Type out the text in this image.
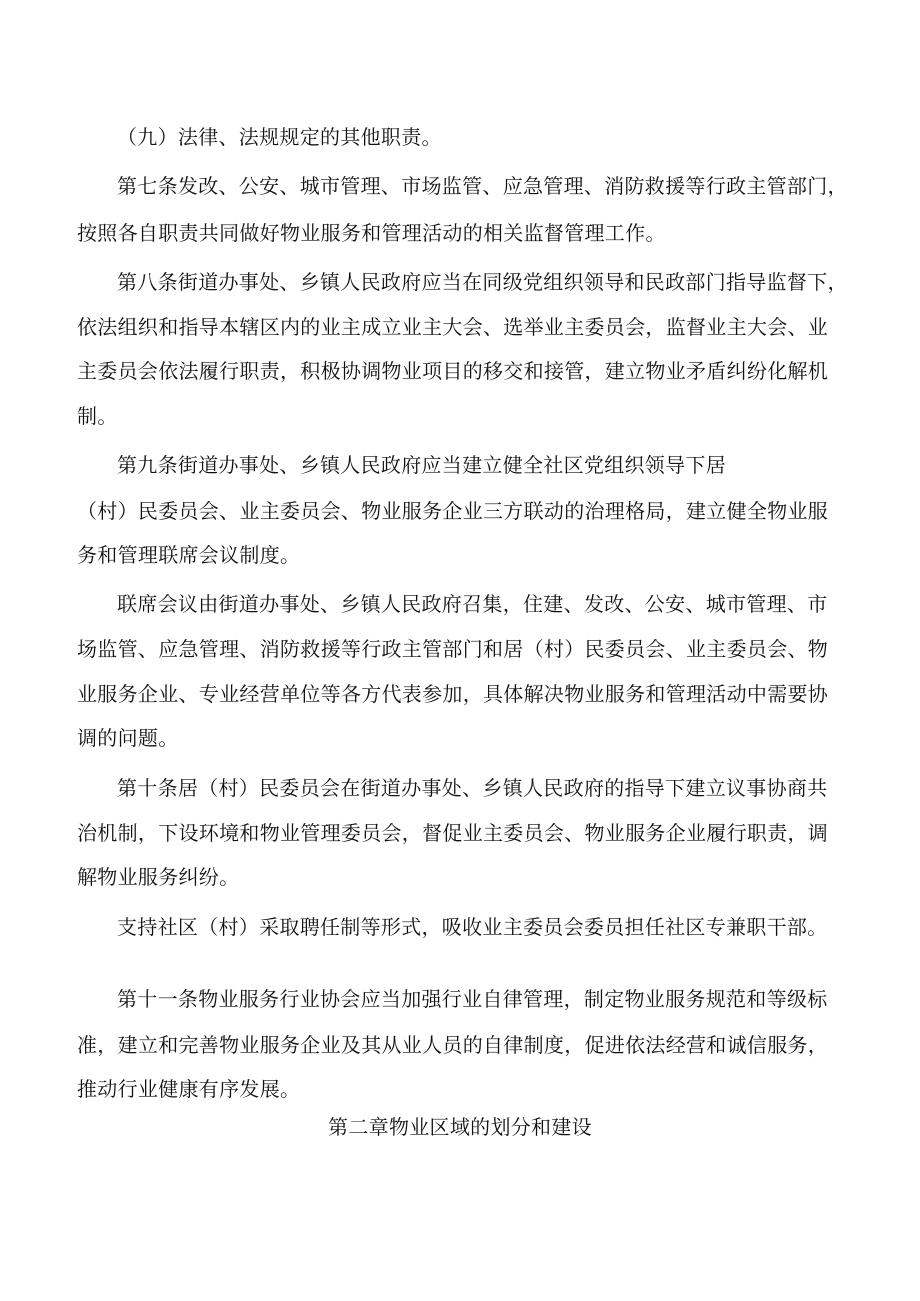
（九）法律、法规规定的其他职责。
第七条发改、公安、城市管理、市场监管、应急管理、消防救援等行政主管部门，
按照各自职责共同做好物业服务和管理活动的相关监督管理工作。
第八条街道办事处、乡镇人民政府应当在同级党组织领导和民政部门指导监督下，
依法组织和指导本辖区内的业主成立业主大会、选举业主委员会，监督业主大会、业
主委员会依法履行职责，积极协调物业项目的移交和接管，建立物业矛盾纠纷化解机
制。
第九条街道办事处、乡镇人民政府应当建立健全社区党组织领导下居
（村）民委员会、业主委员会、物业服务企业三方联动的治理格局，建立健全物业服
务和管理联席会议制度。
联席会议由街道办事处、乡镇人民政府召集，住建、发改、公安、城市管理、市
场监管、应急管理、消防救援等行政主管部门和居（村）民委员会、业主委员会、物
业服务企业、专业经营单位等各方代表参加，具体解决物业服务和管理活动中需要协
调的问题。
第十条居（村）民委员会在街道办事处、乡镇人民政府的指导下建立议事协商共
治机制，下设环境和物业管理委员会，督促业主委员会、物业服务企业履行职责，调
解物业服务纠纷。
支持社区（村）采取聘任制等形式，吸收业主委员会委员担任社区专兼职干部。
第十一条物业服务行业协会应当加强行业自律管理，制定物业服务规范和等级标
准，建立和完善物业服务企业及其从业人员的自律制度，促进依法经营和诚信服务，
推动行业健康有序发展。
第二章物业区域的划分和建设
